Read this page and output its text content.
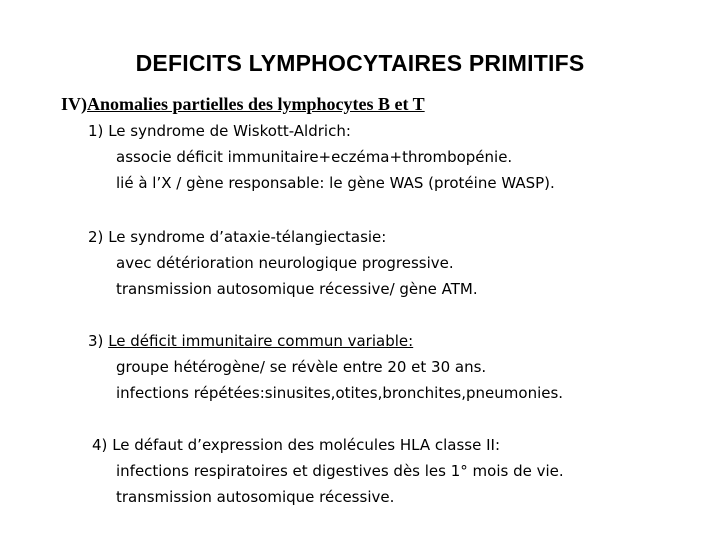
DEFICITS LYMPHOCYTAIRES PRIMITIFS
IV)Anomalies partielles des lymphocytes B et T
1) Le syndrome de Wiskott-Aldrich:
associe déficit immunitaire+eczéma+thrombopénie.
lié à l’X / gène responsable: le gène WAS (protéine WASP).
2) Le syndrome d’ataxie-télangiectasie:
avec détérioration neurologique progressive.
transmission autosomique récessive/ gène ATM.
3) Le déficit immunitaire commun variable:
groupe hétérogène/ se révèle entre 20 et 30 ans.
infections répétées:sinusites,otites,bronchites,pneumonies.
4) Le défaut d’expression des molécules HLA classe II:
infections respiratoires et digestives dès les 1° mois de vie.
transmission autosomique récessive.
